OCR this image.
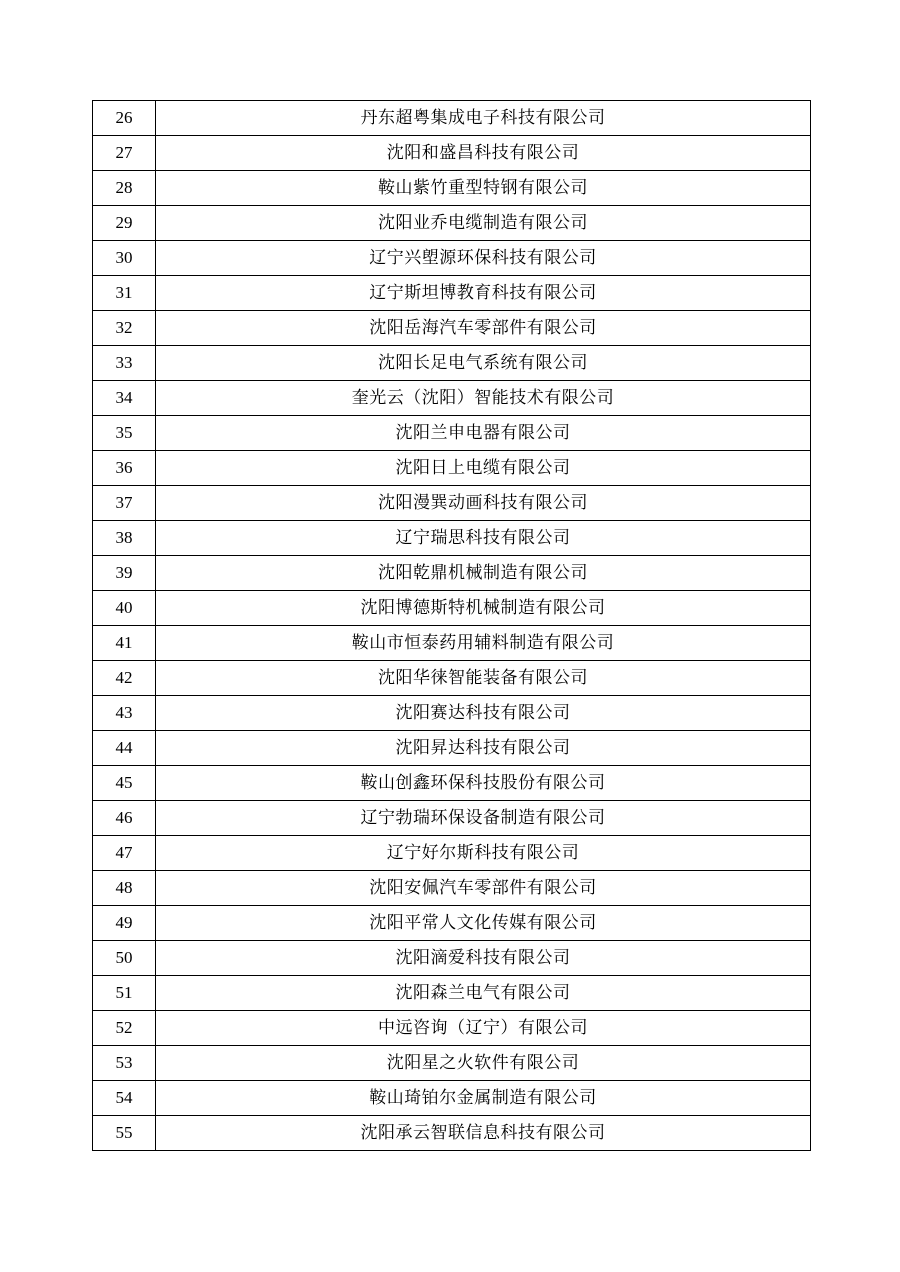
26	丹东超粤集成电子科技有限公司
27	沈阳和盛昌科技有限公司
28	鞍山紫竹重型特钢有限公司
29	沈阳业乔电缆制造有限公司
30	辽宁兴塱源环保科技有限公司
31	辽宁斯坦博教育科技有限公司
32	沈阳岳海汽车零部件有限公司
33	沈阳长足电气系统有限公司
34	奎光云（沈阳）智能技术有限公司
35	沈阳兰申电器有限公司
36	沈阳日上电缆有限公司
37	沈阳漫巽动画科技有限公司
38	辽宁瑞思科技有限公司
39	沈阳乾鼎机械制造有限公司
40	沈阳博德斯特机械制造有限公司
41	鞍山市恒泰药用辅料制造有限公司
42	沈阳华徕智能装备有限公司
43	沈阳赛达科技有限公司
44	沈阳昇达科技有限公司
45	鞍山创鑫环保科技股份有限公司
46	辽宁勃瑞环保设备制造有限公司
47	辽宁好尔斯科技有限公司
48	沈阳安佩汽车零部件有限公司
49	沈阳平常人文化传媒有限公司
50	沈阳滴爱科技有限公司
51	沈阳森兰电气有限公司
52	中远咨询（辽宁）有限公司
53	沈阳星之火软件有限公司
54	鞍山琦铂尔金属制造有限公司
55	沈阳承云智联信息科技有限公司
